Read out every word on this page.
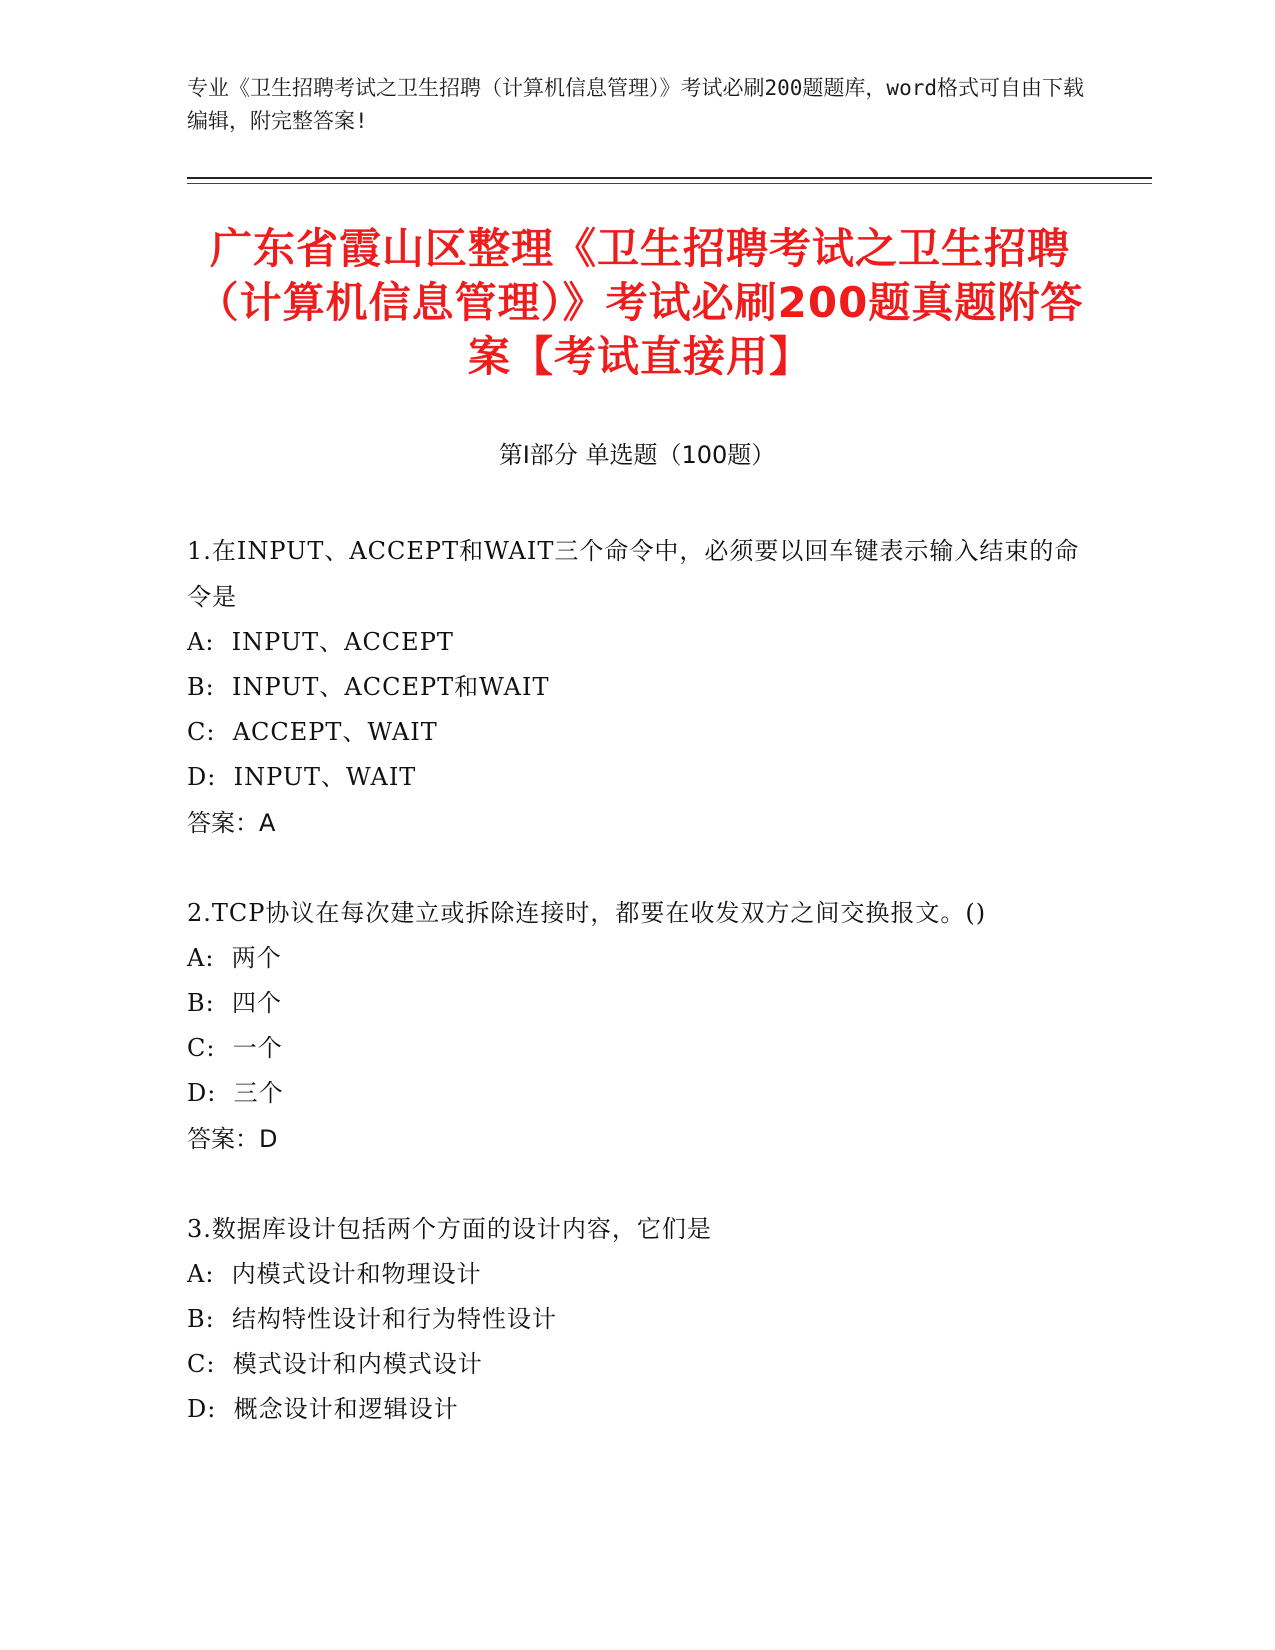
专业《卫生招聘考试之卫生招聘（计算机信息管理）》考试必刷200题题库，word格式可自由下载编辑，附完整答案!
广东省霞山区整理《卫生招聘考试之卫生招聘（计算机信息管理）》考试必刷200题真题附答案【考试直接用】
第Ⅰ部分 单选题（100题）

1.在INPUT、ACCEPT和WAIT三个命令中，必须要以回车键表示输入结束的命令是

A:  INPUT、ACCEPT

B:  INPUT、ACCEPT和WAIT

C:  ACCEPT、WAIT

D:  INPUT、WAIT

答案：A

2.TCP协议在每次建立或拆除连接时，都要在收发双方之间交换报文。()

A:  两个

B:  四个

C:  一个

D:  三个

答案：D

3.数据库设计包括两个方面的设计内容，它们是

A:  内模式设计和物理设计

B:  结构特性设计和行为特性设计

C:  模式设计和内模式设计

D:  概念设计和逻辑设计
